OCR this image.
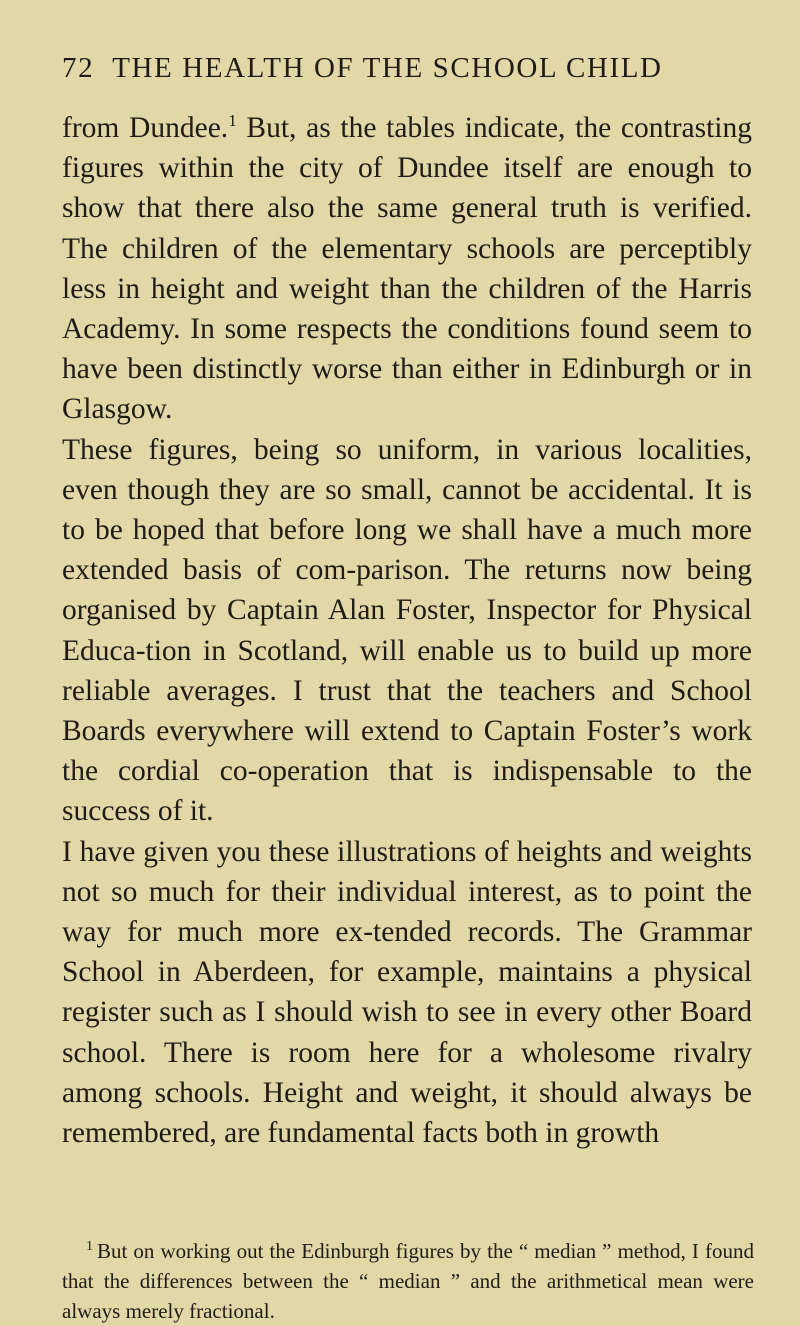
72 THE HEALTH OF THE SCHOOL CHILD

from Dundee.$^1$ But, as the tables indicate, the contrasting figures within the city of Dundee itself are enough to show that there also the same general truth is verified. The children of the elementary schools are perceptibly less in height and weight than the children of the Harris Academy. In some respects the conditions found seem to have been distinctly worse than either in Edinburgh or in Glasgow.

These figures, being so uniform, in various localities, even though they are so small, cannot be accidental. It is to be hoped that before long we shall have a much more extended basis of com-parison. The returns now being organised by Captain Alan Foster, Inspector for Physical Educa-tion in Scotland, will enable us to build up more reliable averages. I trust that the teachers and School Boards everywhere will extend to Captain Foster’s work the cordial co-operation that is indispensable to the success of it.

I have given you these illustrations of heights and weights not so much for their individual interest, as to point the way for much more ex-tended records. The Grammar School in Aberdeen, for example, maintains a physical register such as I should wish to see in every other Board school. There is room here for a wholesome rivalry among schools. Height and weight, it should always be remembered, are fundamental facts both in growth

$^1$ But on working out the Edinburgh figures by the “ median ” method, I found that the differences between the “ median ” and the arithmetical mean were always merely fractional.
